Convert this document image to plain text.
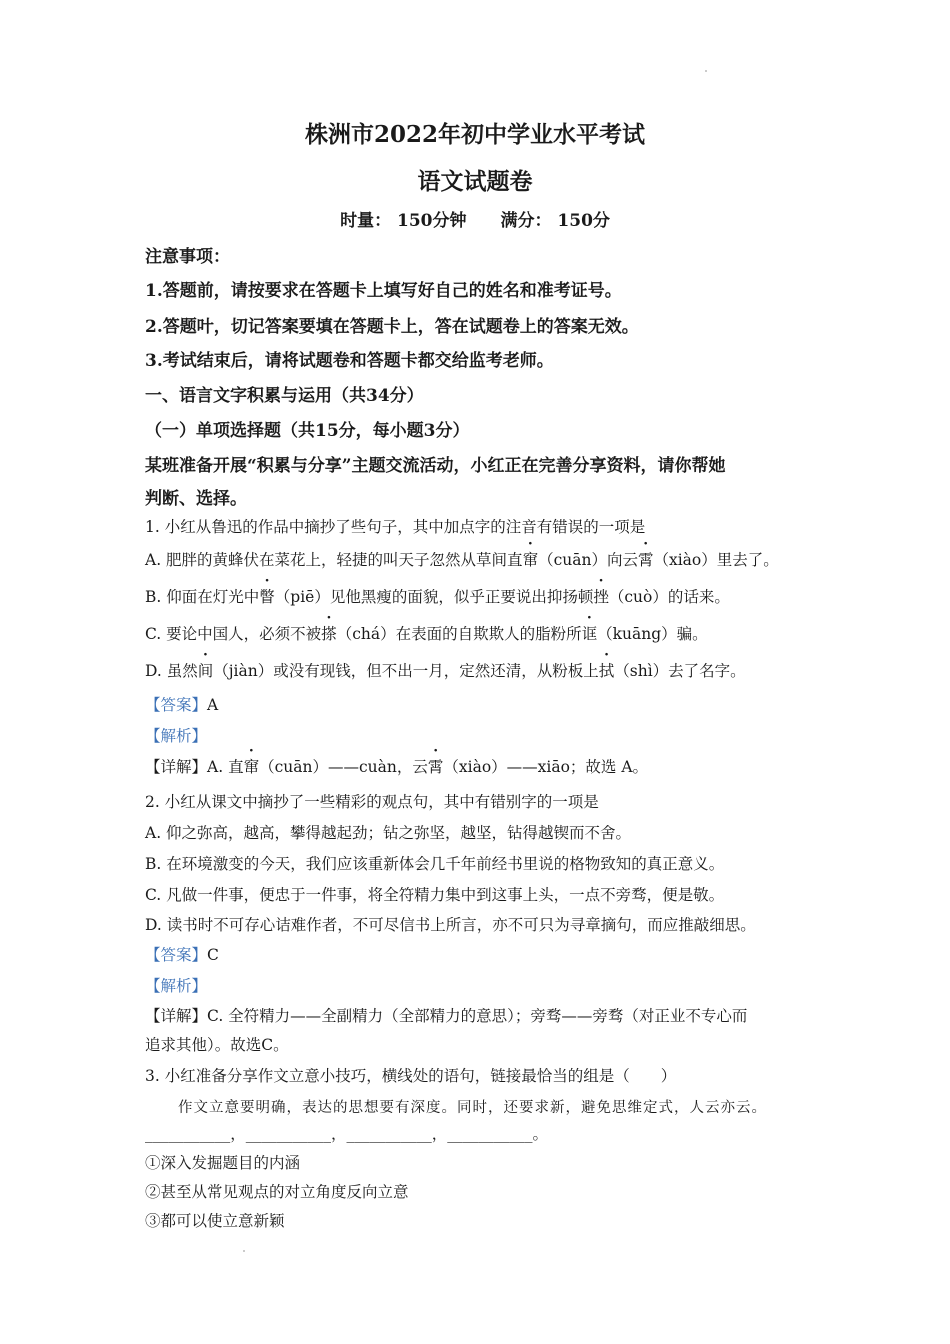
株洲市2022年初中学业水平考试
语文试题卷
时量： 150分钟　　满分： 150分
注意事项：
1.答题前，请按要求在答题卡上填写好自己的姓名和准考证号。
2.答题叶，切记答案要填在答题卡上，答在试题卷上的答案无效。
3.考试结束后，请将试题卷和答题卡都交给监考老师。
一、语言文字积累与运用（共34分）
（一）单项选择题（共15分，每小题3分）
某班准备开展“积累与分享”主题交流活动，小红正在完善分享资料，请你帮她
判断、选择。
1. 小红从鲁迅的作品中摘抄了些句子，其中加点字的注音有错误的一项是
A. 肥胖的黄蜂伏在菜花上，轻捷的叫天子忽然从草间直窜（cuān）向云霄（xiào）里去了。
B. 仰面在灯光中瞥（piē）见他黑瘦的面貌，似乎正要说出抑扬顿挫（cuò）的话来。
C. 要论中国人，必须不被搽（chá）在表面的自欺欺人的脂粉所诓（kuāng）骗。
D. 虽然间（jiàn）或没有现钱，但不出一月，定然还清，从粉板上拭（shì）去了名字。
【答案】A
【解析】
【详解】A. 直窜（cuān）——cuàn，云霄（xiào）——xiāo；故选 A。
2. 小红从课文中摘抄了一些精彩的观点句，其中有错别字的一项是
A. 仰之弥高，越高，攀得越起劲；钻之弥坚，越坚，钻得越锲而不舍。
B. 在环境激变的今天，我们应该重新体会几千年前经书里说的格物致知的真正意义。
C. 凡做一件事，便忠于一件事，将全符精力集中到这事上头，一点不旁骛，便是敬。
D. 读书时不可存心诘难作者，不可尽信书上所言，亦不可只为寻章摘句，而应推敲细思。
【答案】C
【解析】
【详解】C. 全符精力——全副精力（全部精力的意思）；旁骛——旁骛（对正业不专心而
追求其他）。故选C。
3. 小红准备分享作文立意小技巧，横线处的语句，链接最恰当的组是（　　）
作文立意要明确，表达的思想要有深度。同时，还要求新，避免思维定式，人云亦云。
___________，___________，___________，___________。
①深入发掘题目的内涵
②甚至从常见观点的对立角度反向立意
③都可以使立意新颖
